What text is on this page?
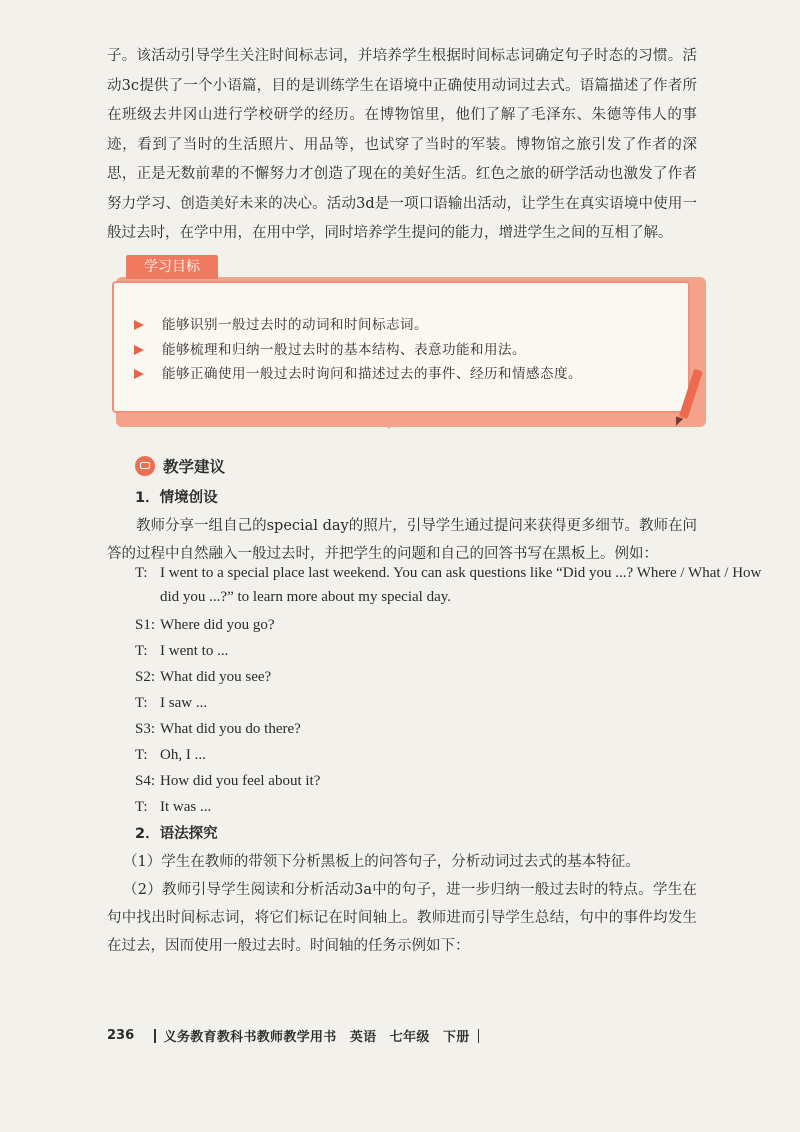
子。该活动引导学生关注时间标志词，并培养学生根据时间标志词确定句子时态的习惯。活动3c提供了一个小语篇，目的是训练学生在语境中正确使用动词过去式。语篇描述了作者所在班级去井冈山进行学校研学的经历。在博物馆里，他们了解了毛泽东、朱德等伟人的事迹，看到了当时的生活照片、用品等，也试穿了当时的军装。博物馆之旅引发了作者的深思，正是无数前辈的不懈努力才创造了现在的美好生活。红色之旅的研学活动也激发了作者努力学习、创造美好未来的决心。活动3d是一项口语输出活动，让学生在真实语境中使用一般过去时，在学中用，在用中学，同时培养学生提问的能力，增进学生之间的互相了解。
能够识别一般过去时的动词和时间标志词。
能够梳理和归纳一般过去时的基本结构、表意功能和用法。
能够正确使用一般过去时询问和描述过去的事件、经历和情感态度。
学习目标
教学建议
1．情境创设
教师分享一组自己的special day的照片，引导学生通过提问来获得更多细节。教师在问答的过程中自然融入一般过去时，并把学生的问题和自己的回答书写在黑板上。例如：
T: I went to a special place last weekend. You can ask questions like “Did you ...? Where / What / How
did you ...?” to learn more about my special day.
S1: Where did you go?
T: I went to ...
S2: What did you see?
T: I saw ...
S3: What did you do there?
T: Oh, I ...
S4: How did you feel about it?
T: It was ...
2．语法探究
（1）学生在教师的带领下分析黑板上的问答句子，分析动词过去式的基本特征。
（2）教师引导学生阅读和分析活动3a中的句子，进一步归纳一般过去时的特点。学生在句中找出时间标志词，将它们标记在时间轴上。教师进而引导学生总结，句中的事件均发生在过去，因而使用一般过去时。时间轴的任务示例如下：
236 义务教育教科书教师教学用书　英语　七年级　下册
